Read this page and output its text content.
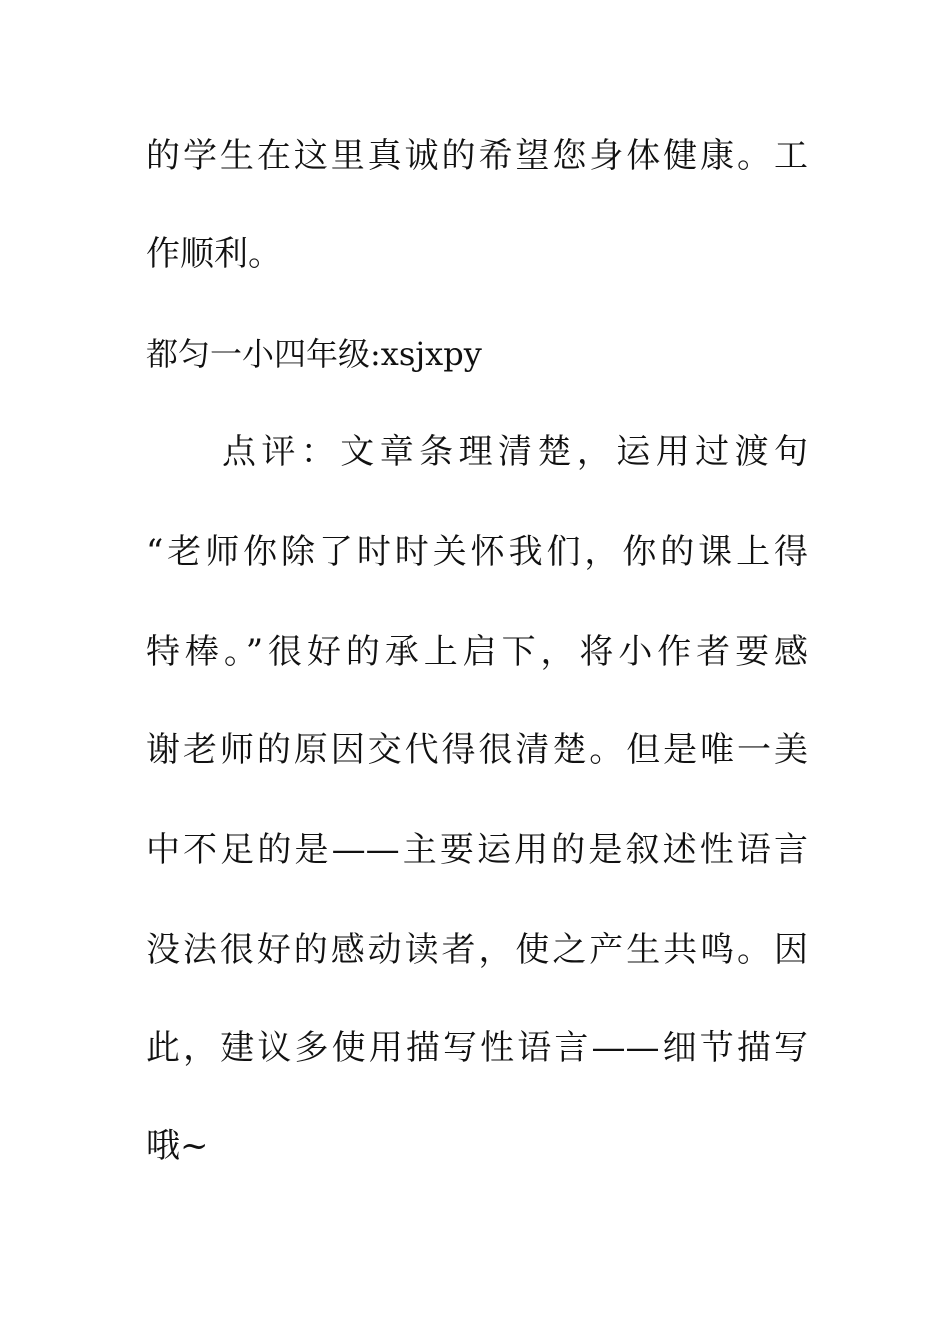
的学生在这里真诚的希望您身体健康。工
作顺利。
都匀一小四年级:xsjxpy
点评：文章条理清楚，运用过渡句
“老师你除了时时关怀我们，你的课上得
特棒。”很好的承上启下，将小作者要感
谢老师的原因交代得很清楚。但是唯一美
中不足的是——主要运用的是叙述性语言
没法很好的感动读者，使之产生共鸣。因
此，建议多使用描写性语言——细节描写
哦~
